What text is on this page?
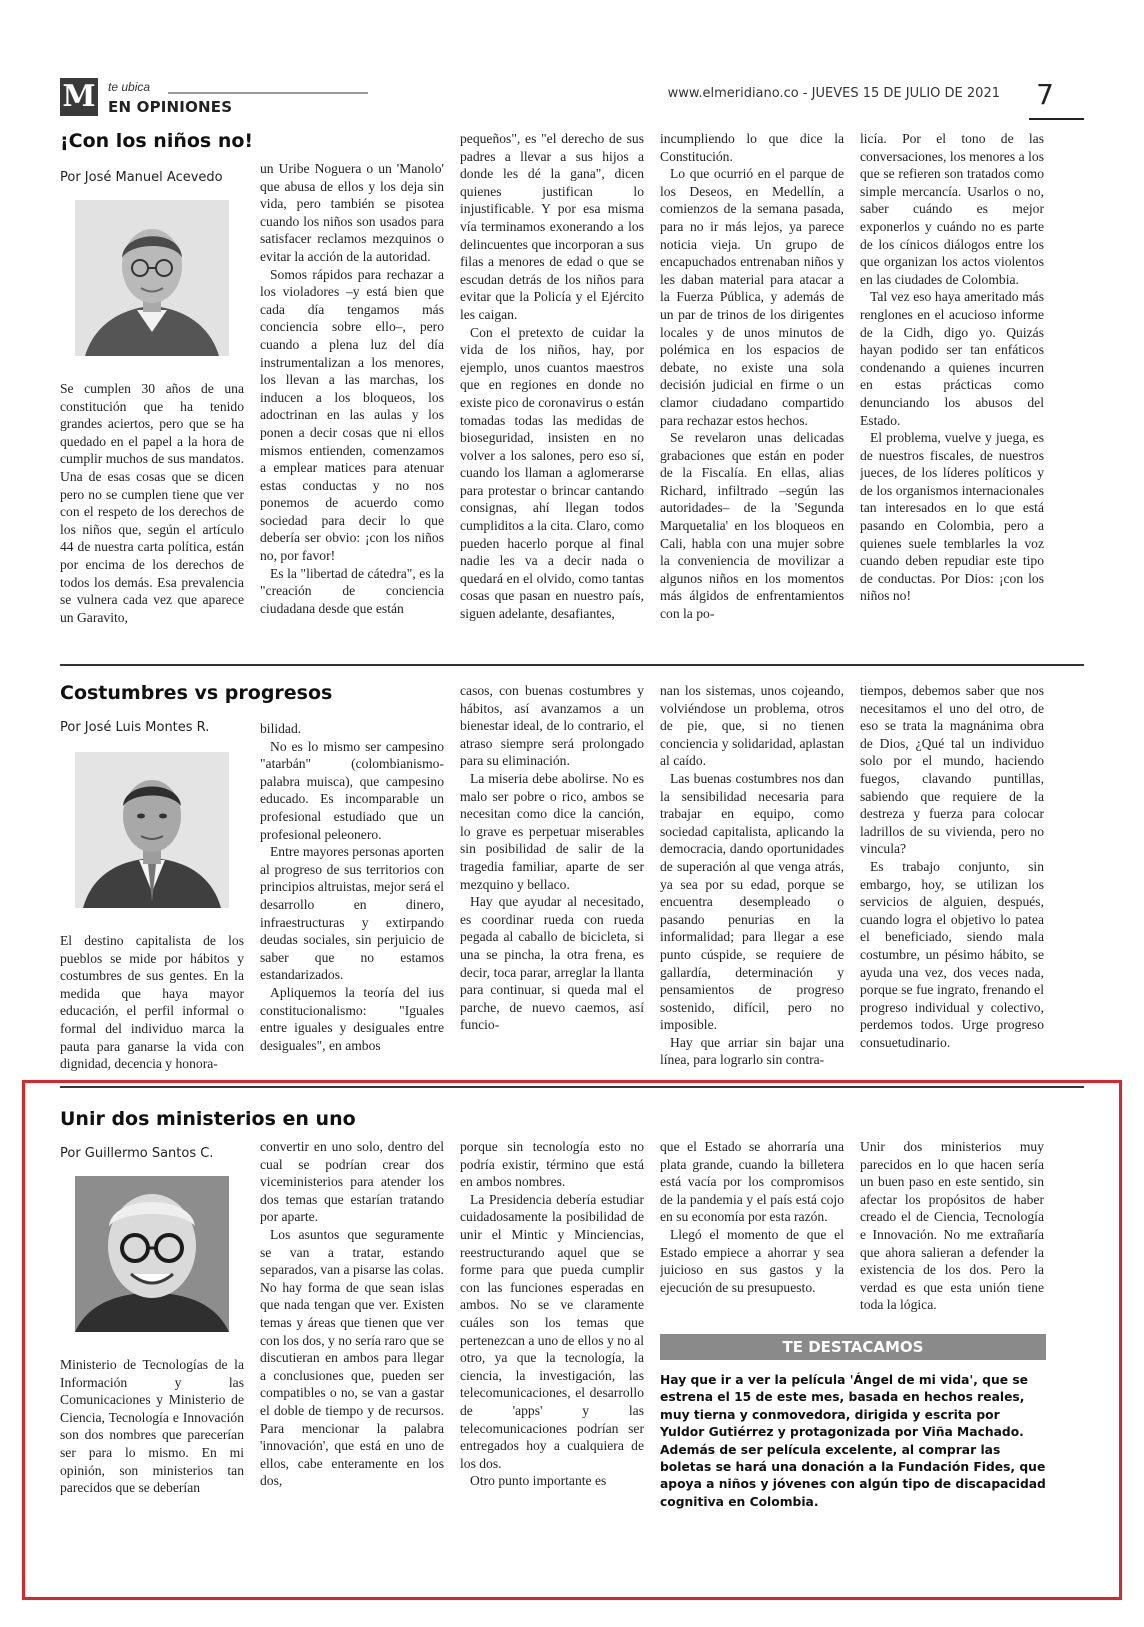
M te ubica
EN OPINIONES
www.elmeridiano.co - JUEVES 15 DE JULIO DE 2021 7
¡Con los niños no!
Por José Manuel Acevedo

Se cumplen 30 años de una constitución que ha tenido grandes aciertos, pero que se ha quedado en el papel a la hora de cumplir muchos de sus mandatos. Una de esas cosas que se dicen pero no se cumplen tiene que ver con el respeto de los derechos de los niños que, según el artículo 44 de nuestra carta política, están por encima de los derechos de todos los demás. Esa prevalencia se vulnera cada vez que aparece un Garavito,

un Uribe Noguera o un 'Manolo' que abusa de ellos y los deja sin vida, pero también se pisotea cuando los niños son usados para satisfacer reclamos mezquinos o evitar la acción de la autoridad.

Somos rápidos para rechazar a los violadores –y está bien que cada día tengamos más conciencia sobre ello–, pero cuando a plena luz del día instrumentalizan a los menores, los llevan a las marchas, los inducen a los bloqueos, los adoctrinan en las aulas y los ponen a decir cosas que ni ellos mismos entienden, comenzamos a emplear matices para atenuar estas conductas y no nos ponemos de acuerdo como sociedad para decir lo que debería ser obvio: ¡con los niños no, por favor!

Es la "libertad de cátedra", es la "creación de conciencia ciudadana desde que están

pequeños", es "el derecho de sus padres a llevar a sus hijos a donde les dé la gana", dicen quienes justifican lo injustificable. Y por esa misma vía terminamos exonerando a los delincuentes que incorporan a sus filas a menores de edad o que se escudan detrás de los niños para evitar que la Policía y el Ejército les caigan.

Con el pretexto de cuidar la vida de los niños, hay, por ejemplo, unos cuantos maestros que en regiones en donde no existe pico de coronavirus o están tomadas todas las medidas de bioseguridad, insisten en no volver a los salones, pero eso sí, cuando los llaman a aglomerarse para protestar o brincar cantando consignas, ahí llegan todos cumpliditos a la cita. Claro, como pueden hacerlo porque al final nadie les va a decir nada o quedará en el olvido, como tantas cosas que pasan en nuestro país, siguen adelante, desafiantes,

incumpliendo lo que dice la Constitución.

Lo que ocurrió en el parque de los Deseos, en Medellín, a comienzos de la semana pasada, para no ir más lejos, ya parece noticia vieja. Un grupo de encapuchados entrenaban niños y les daban material para atacar a la Fuerza Pública, y además de un par de trinos de los dirigentes locales y de unos minutos de polémica en los espacios de debate, no existe una sola decisión judicial en firme o un clamor ciudadano compartido para rechazar estos hechos.

Se revelaron unas delicadas grabaciones que están en poder de la Fiscalía. En ellas, alias Richard, infiltrado –según las autoridades– de la 'Segunda Marquetalia' en los bloqueos en Cali, habla con una mujer sobre la conveniencia de movilizar a algunos niños en los momentos más álgidos de enfrentamientos con la po-

licía. Por el tono de las conversaciones, los menores a los que se refieren son tratados como simple mercancía. Usarlos o no, saber cuándo es mejor exponerlos y cuándo no es parte de los cínicos diálogos entre los que organizan los actos violentos en las ciudades de Colombia.

Tal vez eso haya ameritado más renglones en el acucioso informe de la Cidh, digo yo. Quizás hayan podido ser tan enfáticos condenando a quienes incurren en estas prácticas como denunciando los abusos del Estado.

El problema, vuelve y juega, es de nuestros fiscales, de nuestros jueces, de los líderes políticos y de los organismos internacionales tan interesados en lo que está pasando en Colombia, pero a quienes suele temblarles la voz cuando deben repudiar este tipo de conductas. Por Dios: ¡con los niños no!

Costumbres vs progresos
Por José Luis Montes R.

El destino capitalista de los pueblos se mide por hábitos y costumbres de sus gentes. En la medida que haya mayor educación, el perfil informal o formal del individuo marca la pauta para ganarse la vida con dignidad, decencia y honora-

bilidad.

No es lo mismo ser campesino "atarbán" (colombianismo-palabra muisca), que campesino educado. Es incomparable un profesional estudiado que un profesional peleonero.

Entre mayores personas aporten al progreso de sus territorios con principios altruistas, mejor será el desarrollo en dinero, infraestructuras y extirpando deudas sociales, sin perjuicio de saber que no estamos estandarizados.

Apliquemos la teoría del ius constitucionalismo: "Iguales entre iguales y desiguales entre desiguales", en ambos

casos, con buenas costumbres y hábitos, así avanzamos a un bienestar ideal, de lo contrario, el atraso siempre será prolongado para su eliminación.

La miseria debe abolirse. No es malo ser pobre o rico, ambos se necesitan como dice la canción, lo grave es perpetuar miserables sin posibilidad de salir de la tragedia familiar, aparte de ser mezquino y bellaco.

Hay que ayudar al necesitado, es coordinar rueda con rueda pegada al caballo de bicicleta, si una se pincha, la otra frena, es decir, toca parar, arreglar la llanta para continuar, si queda mal el parche, de nuevo caemos, así funcio-

nan los sistemas, unos cojeando, volviéndose un problema, otros de pie, que, si no tienen conciencia y solidaridad, aplastan al caído.

Las buenas costumbres nos dan la sensibilidad necesaria para trabajar en equipo, como sociedad capitalista, aplicando la democracia, dando oportunidades de superación al que venga atrás, ya sea por su edad, porque se encuentra desempleado o pasando penurias en la informalidad; para llegar a ese punto cúspide, se requiere de gallardía, determinación y pensamientos de progreso sostenido, difícil, pero no imposible.

Hay que arriar sin bajar una línea, para lograrlo sin contra-

tiempos, debemos saber que nos necesitamos el uno del otro, de eso se trata la magnánima obra de Dios, ¿Qué tal un individuo solo por el mundo, haciendo fuegos, clavando puntillas, sabiendo que requiere de la destreza y fuerza para colocar ladrillos de su vivienda, pero no vincula?

Es trabajo conjunto, sin embargo, hoy, se utilizan los servicios de alguien, después, cuando logra el objetivo lo patea el beneficiado, siendo mala costumbre, un pésimo hábito, se ayuda una vez, dos veces nada, porque se fue ingrato, frenando el progreso individual y colectivo, perdemos todos. Urge progreso consuetudinario.

Unir dos ministerios en uno
Por Guillermo Santos C.

Ministerio de Tecnologías de la Información y las Comunicaciones y Ministerio de Ciencia, Tecnología e Innovación son dos nombres que parecerían ser para lo mismo. En mi opinión, son ministerios tan parecidos que se deberían

convertir en uno solo, dentro del cual se podrían crear dos viceministerios para atender los dos temas que estarían tratando por aparte.

Los asuntos que seguramente se van a tratar, estando separados, van a pisarse las colas. No hay forma de que sean islas que nada tengan que ver. Existen temas y áreas que tienen que ver con los dos, y no sería raro que se discutieran en ambos para llegar a conclusiones que, pueden ser compatibles o no, se van a gastar el doble de tiempo y de recursos. Para mencionar la palabra 'innovación', que está en uno de ellos, cabe enteramente en los dos,

porque sin tecnología esto no podría existir, término que está en ambos nombres.

La Presidencia debería estudiar cuidadosamente la posibilidad de unir el Mintic y Minciencias, reestructurando aquel que se forme para que pueda cumplir con las funciones esperadas en ambos. No se ve claramente cuáles son los temas que pertenezcan a uno de ellos y no al otro, ya que la tecnología, la ciencia, la investigación, las telecomunicaciones, el desarrollo de 'apps' y las telecomunicaciones podrían ser entregados hoy a cualquiera de los dos.

Otro punto importante es

que el Estado se ahorraría una plata grande, cuando la billetera está vacía por los compromisos de la pandemia y el país está cojo en su economía por esta razón.

Llegó el momento de que el Estado empiece a ahorrar y sea juicioso en sus gastos y la ejecución de su presupuesto.

Unir dos ministerios muy parecidos en lo que hacen sería un buen paso en este sentido, sin afectar los propósitos de haber creado el de Ciencia, Tecnología e Innovación. No me extrañaría que ahora salieran a defender la existencia de los dos. Pero la verdad es que esta unión tiene toda la lógica.

TE DESTACAMOS
Hay que ir a ver la película 'Ángel de mi vida', que se estrena el 15 de este mes, basada en hechos reales, muy tierna y conmovedora, dirigida y escrita por Yuldor Gutiérrez y protagonizada por Viña Machado. Además de ser película excelente, al comprar las boletas se hará una donación a la Fundación Fides, que apoya a niños y jóvenes con algún tipo de discapacidad cognitiva en Colombia.
